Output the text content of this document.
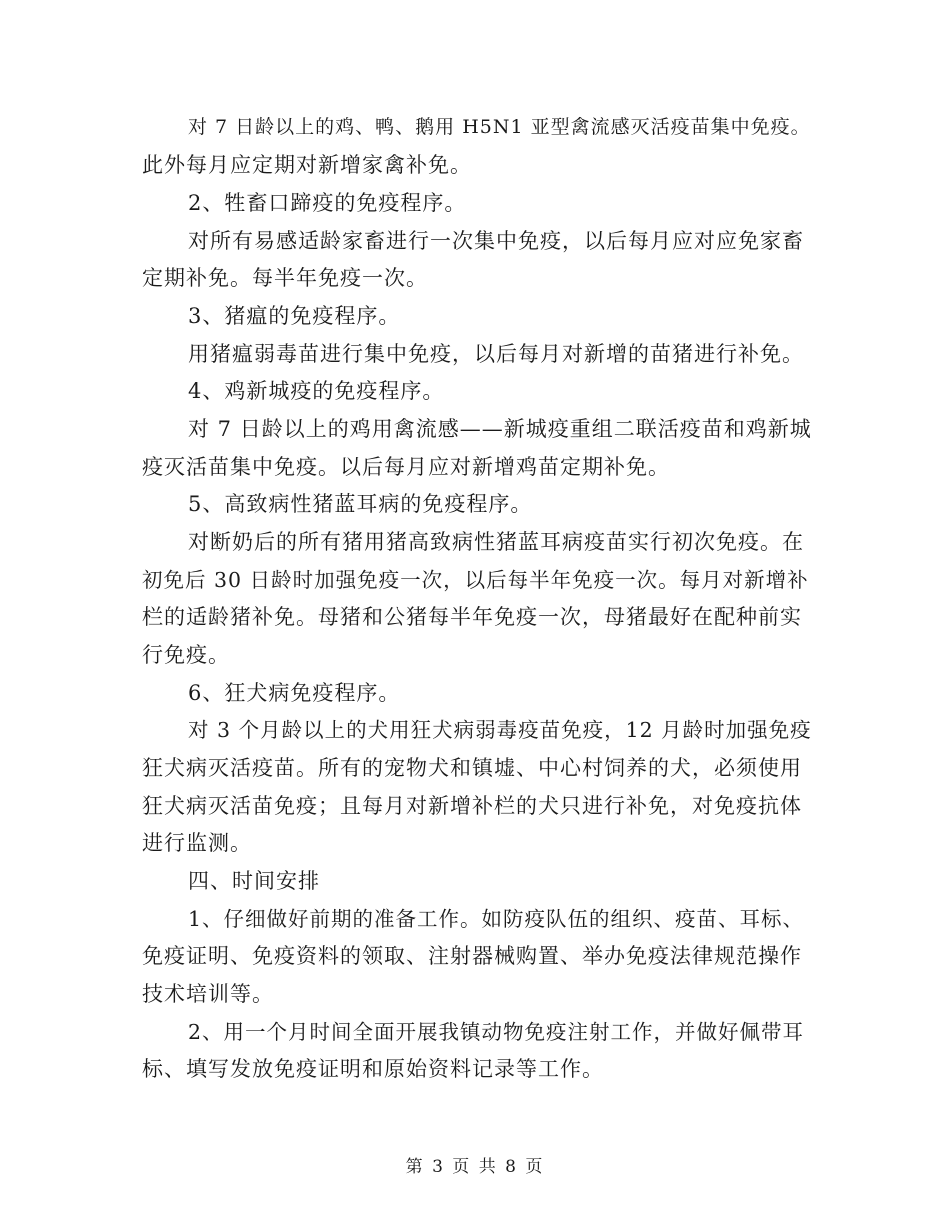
对 7 日龄以上的鸡、鸭、鹅用 H5N1 亚型禽流感灭活疫苗集中免疫。
此外每月应定期对新增家禽补免。
2、牲畜口蹄疫的免疫程序。
对所有易感适龄家畜进行一次集中免疫，以后每月应对应免家畜
定期补免。每半年免疫一次。
3、猪瘟的免疫程序。
用猪瘟弱毒苗进行集中免疫，以后每月对新增的苗猪进行补免。
4、鸡新城疫的免疫程序。
对 7 日龄以上的鸡用禽流感——新城疫重组二联活疫苗和鸡新城
疫灭活苗集中免疫。以后每月应对新增鸡苗定期补免。
5、高致病性猪蓝耳病的免疫程序。
对断奶后的所有猪用猪高致病性猪蓝耳病疫苗实行初次免疫。在
初免后 30 日龄时加强免疫一次，以后每半年免疫一次。每月对新增补
栏的适龄猪补免。母猪和公猪每半年免疫一次，母猪最好在配种前实
行免疫。
6、狂犬病免疫程序。
对 3 个月龄以上的犬用狂犬病弱毒疫苗免疫，12 月龄时加强免疫
狂犬病灭活疫苗。所有的宠物犬和镇墟、中心村饲养的犬，必须使用
狂犬病灭活苗免疫；且每月对新增补栏的犬只进行补免，对免疫抗体
进行监测。
四、时间安排
1、仔细做好前期的准备工作。如防疫队伍的组织、疫苗、耳标、
免疫证明、免疫资料的领取、注射器械购置、举办免疫法律规范操作
技术培训等。
2、用一个月时间全面开展我镇动物免疫注射工作，并做好佩带耳
标、填写发放免疫证明和原始资料记录等工作。
第 3 页 共 8 页
